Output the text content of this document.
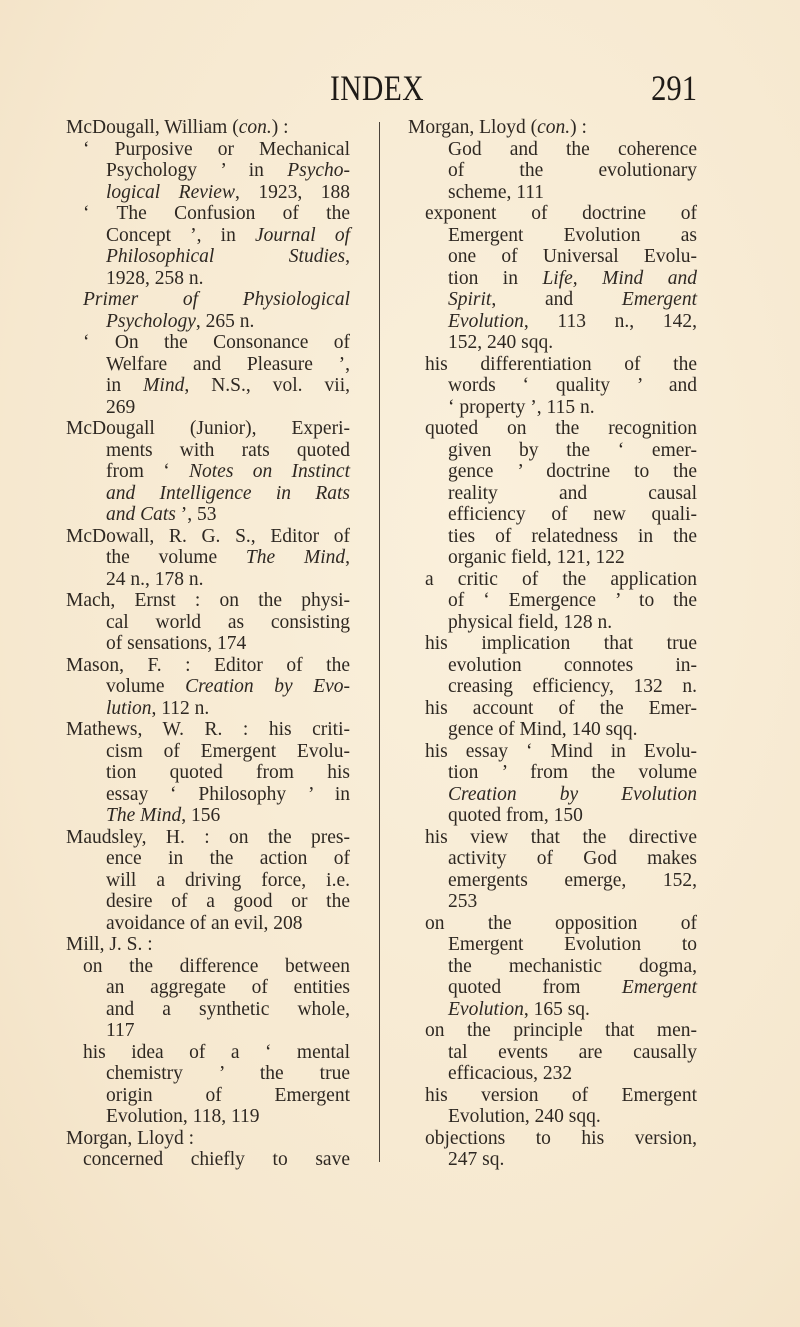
INDEX	291
McDougall, William (con.) :
‘ Purposive or Mechanical
Psychology ’ in Psycho-
logical Review, 1923, 188
‘ The Confusion of the
Concept ’, in Journal of
Philosophical Studies,
1928, 258 n.
Primer of Physiological
Psychology, 265 n.
‘ On the Consonance of
Welfare and Pleasure ’,
in Mind, N.S., vol. vii,
269
McDougall (Junior), Experi-
ments with rats quoted
from ‘ Notes on Instinct
and Intelligence in Rats
and Cats ’, 53
McDowall, R. G. S., Editor of
the volume The Mind,
24 n., 178 n.
Mach, Ernst : on the physi-
cal world as consisting
of sensations, 174
Mason, F. : Editor of the
volume Creation by Evo-
lution, 112 n.
Mathews, W. R. : his criti-
cism of Emergent Evolu-
tion quoted from his
essay ‘ Philosophy ’ in
The Mind, 156
Maudsley, H. : on the pres-
ence in the action of
will a driving force, i.e.
desire of a good or the
avoidance of an evil, 208
Mill, J. S. :
on the difference between
an aggregate of entities
and a synthetic whole,
117
his idea of a ‘ mental
chemistry ’ the true
origin of Emergent
Evolution, 118, 119
Morgan, Lloyd :
concerned chiefly to save
Morgan, Lloyd (con.) :
God and the coherence
of the evolutionary
scheme, 111
exponent of doctrine of
Emergent Evolution as
one of Universal Evolu-
tion in Life, Mind and
Spirit, and Emergent
Evolution, 113 n., 142,
152, 240 sqq.
his differentiation of the
words ‘ quality ’ and
‘ property ’, 115 n.
quoted on the recognition
given by the ‘ emer-
gence ’ doctrine to the
reality and causal
efficiency of new quali-
ties of relatedness in the
organic field, 121, 122
a critic of the application
of ‘ Emergence ’ to the
physical field, 128 n.
his implication that true
evolution connotes in-
creasing efficiency, 132 n.
his account of the Emer-
gence of Mind, 140 sqq.
his essay ‘ Mind in Evolu-
tion ’ from the volume
Creation by Evolution
quoted from, 150
his view that the directive
activity of God makes
emergents emerge, 152,
253
on the opposition of
Emergent Evolution to
the mechanistic dogma,
quoted from Emergent
Evolution, 165 sq.
on the principle that men-
tal events are causally
efficacious, 232
his version of Emergent
Evolution, 240 sqq.
objections to his version,
247 sq.
